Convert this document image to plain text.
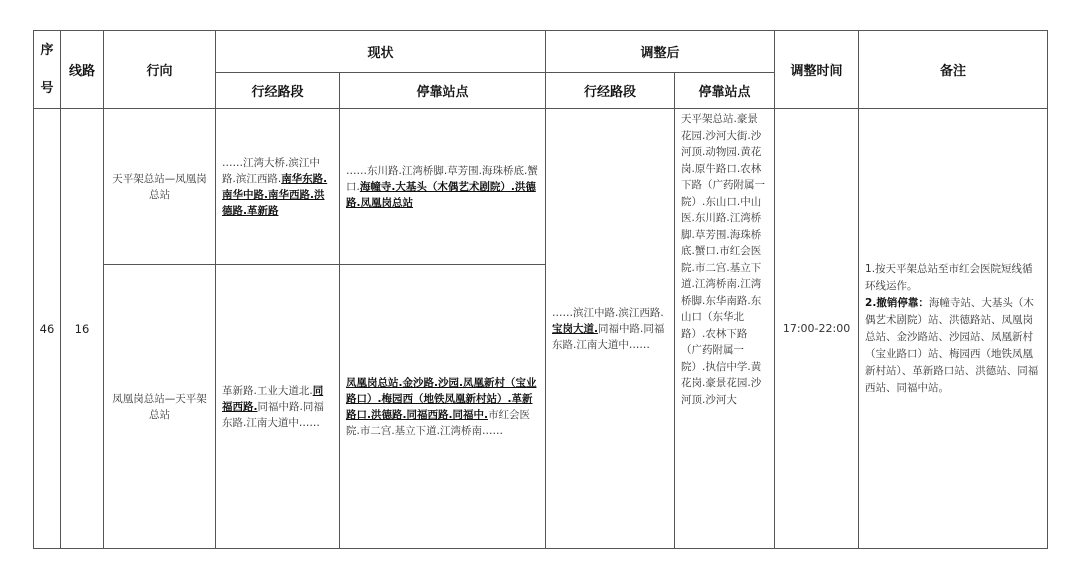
序
号	线路	行向	现状		调整后		调整时间	备注
			行经路段	停靠站点	行经路段	停靠站点		
46	16	天平架总站—凤凰岗总站	……江湾大桥.滨江中路.滨江西路.南华东路.南华中路.南华西路.洪德路.革新路	……东川路.江湾桥脚.草芳围.海珠桥底.蟹口.海幢寺.大基头（木偶艺术剧院）.洪德路.凤凰岗总站	……滨江中路.滨江西路.宝岗大道.同福中路.同福东路.江南大道中……	天平架总站.豪景花园.沙河大街.沙河顶.动物园.黄花岗.原牛路口.农林下路（广药附属一院）.东山口.中山医.东川路.江湾桥脚.草芳围.海珠桥底.蟹口.市红会医院.市二宫.基立下道.江湾桥南.江湾桥脚.东华南路.东山口（东华北路）.农林下路（广药附属一院）.执信中学.黄花岗.豪景花园.沙河顶.沙河大	17:00-22:00	1.按天平架总站至市红会医院短线循环线运作。
2.撤销停靠：海幢寺站、大基头（木偶艺术剧院）站、洪德路站、凤凰岗总站、金沙路站、沙园站、凤凰新村（宝业路口）站、梅园西（地铁凤凰新村站）、革新路口站、洪德站、同福西站、同福中站。

		凤凰岗总站—天平架总站	革新路.工业大道北.同福西路.同福中路.同福东路.江南大道中……	凤凰岗总站.金沙路.沙园.凤凰新村（宝业路口）.梅园西（地铁凤凰新村站）.革新路口.洪德路.同福西路.同福中.市红会医院.市二宫.基立下道.江湾桥南……				
